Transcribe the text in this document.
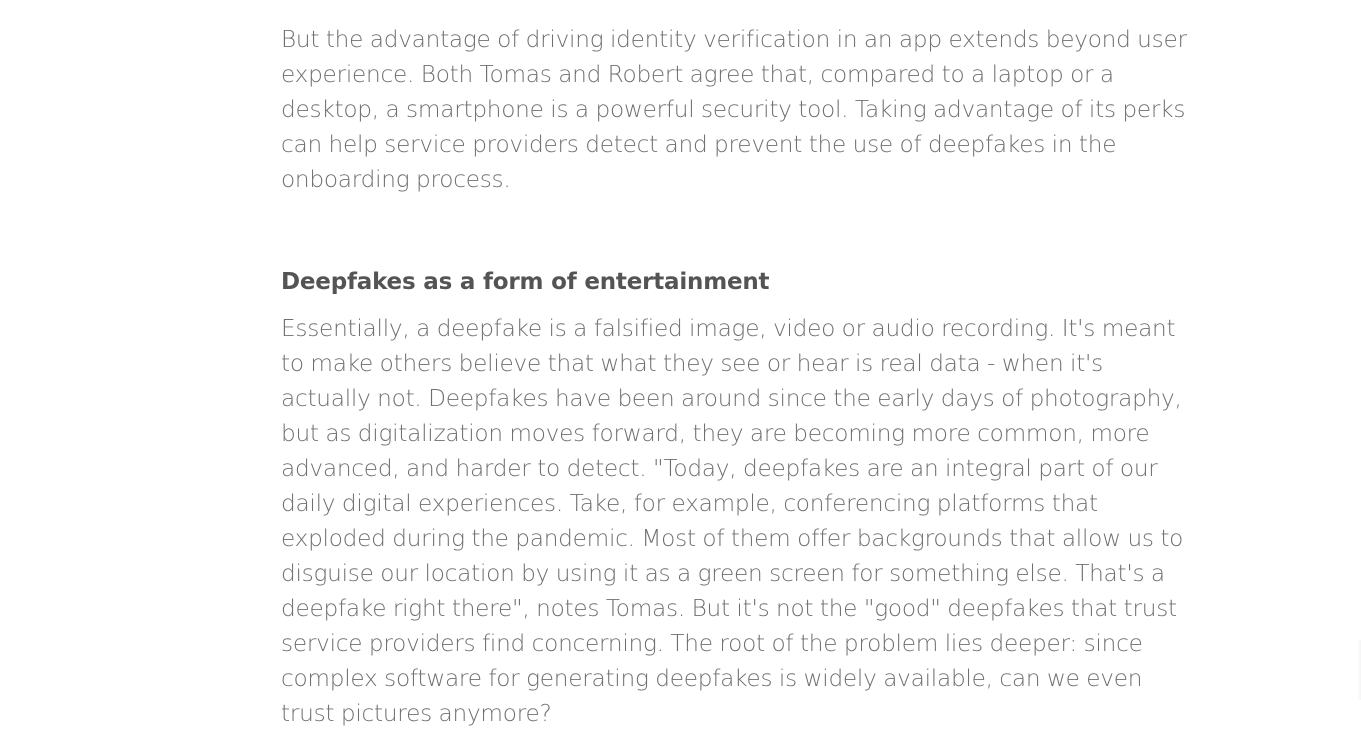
But the advantage of driving identity verification in an app extends beyond user experience. Both Tomas and Robert agree that, compared to a laptop or a desktop, a smartphone is a powerful security tool. Taking advantage of its perks can help service providers detect and prevent the use of deepfakes in the onboarding process.

Deepfakes as a form of entertainment

Essentially, a deepfake is a falsified image, video or audio recording. It's meant to make others believe that what they see or hear is real data - when it's actually not. Deepfakes have been around since the early days of photography, but as digitalization moves forward, they are becoming more common, more advanced, and harder to detect. "Today, deepfakes are an integral part of our daily digital experiences. Take, for example, conferencing platforms that exploded during the pandemic. Most of them offer backgrounds that allow us to disguise our location by using it as a green screen for something else. That's a deepfake right there", notes Tomas. But it's not the "good" deepfakes that trust service providers find concerning. The root of the problem lies deeper: since complex software for generating deepfakes is widely available, can we even trust pictures anymore?
